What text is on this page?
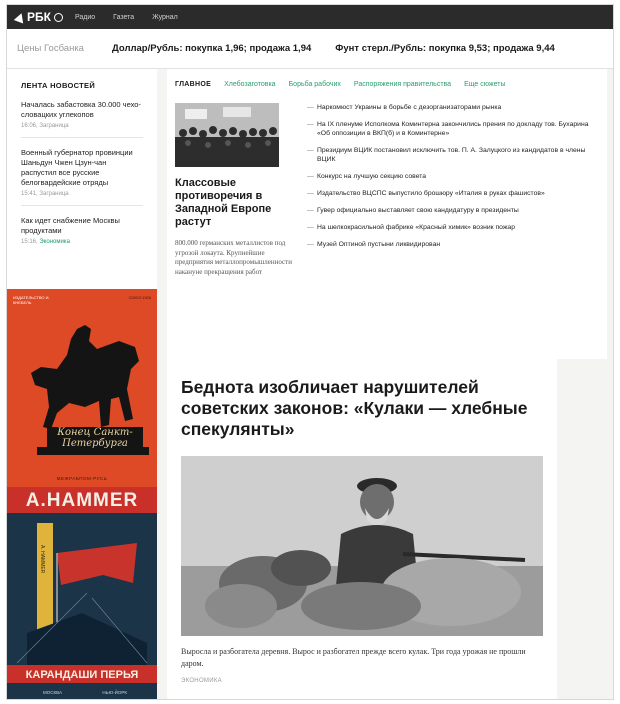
РБК	Радио	Газета	Журнал
Цены Госбанка	Доллар/Рубль: покупка 1,96; продажа 1,94	Фунт стерл./Рубль: покупка 9,53; продажа 9,44
ЛЕНТА НОВОСТЕЙ
Началась забастовка 30.000 чехо-словацких углекопов
16:06, Заграница
Военный губернатор провинции Шаньдун Чжен Цзун-чан распустил все русские белогвардейские отряды
15:41, Заграница
Как идет снабжение Москвы продуктами
15:16, Экономика
ИЗДАТЕЛЬСТВО И. КНЕБЕЛЬ
СОЮЗ 1926
Конец Санкт-Петербурга
МЕЖРАБПОМ-РУСЬ
A.HAMMER
A. HAMMER
КАРАНДАШИ ПЕРЬЯ
МОСКВА	НЬЮ-ЙОРК
ГЛАВНОЕ Хлебозаготовка Борьба рабочих Распоряжения правительства Еще сюжеты
Классовые противоречия в Западной Европе растут
800.000 германских металлистов под угрозой локаута. Крупнейшие предприятия металлопромышленности накануне прекращения работ
— Наркомюст Украины в борьбе с дезорганизаторами рынка
— На IX пленуме Исполкома Коминтерна закончились прения по докладу тов. Бухарина «Об оппозиции в ВКП(б) и в Коминтерне»
— Президиум ВЦИК постановил исключить тов. П. А. Залуцкого из кандидатов в члены ВЦИК
— Конкурс на лучшую секцию совета
— Издательство ВЦСПС выпустило брошюру «Италия в руках фашистов»
— Гувер официально выставляет свою кандидатуру в президенты
— На шелкокрасильной фабрике «Красный химик» возник пожар
— Музей Оптиной пустыни ликвидирован
Беднота изобличает нарушителей советских законов: «Кулаки — хлебные спекулянты»
Выросла и разбогатела деревня. Вырос и разбогател прежде всего кулак. Три года урожая не прошли даром.
ЭКОНОМИКА
